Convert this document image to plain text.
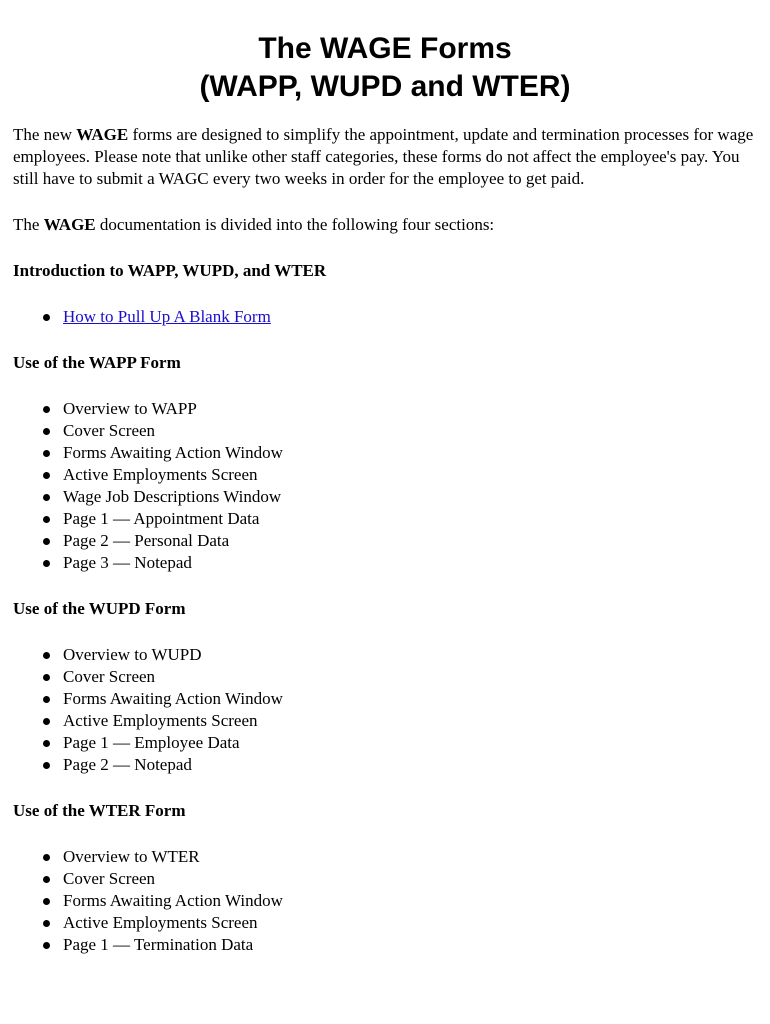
The WAGE Forms
(WAPP, WUPD and WTER)

The new WAGE forms are designed to simplify the appointment, update and termination processes for wage employees. Please note that unlike other staff categories, these forms do not affect the employee's pay. You still have to submit a WAGC every two weeks in order for the employee to get paid.

The WAGE documentation is divided into the following four sections:

Introduction to WAPP, WUPD, and WTER
How to Pull Up A Blank Form
Use of the WAPP Form
Overview to WAPP
Cover Screen
Forms Awaiting Action Window
Active Employments Screen
Wage Job Descriptions Window
Page 1 — Appointment Data
Page 2 — Personal Data
Page 3 — Notepad
Use of the WUPD Form
Overview to WUPD
Cover Screen
Forms Awaiting Action Window
Active Employments Screen
Page 1 — Employee Data
Page 2 — Notepad
Use of the WTER Form
Overview to WTER
Cover Screen
Forms Awaiting Action Window
Active Employments Screen
Page 1 — Termination Data
